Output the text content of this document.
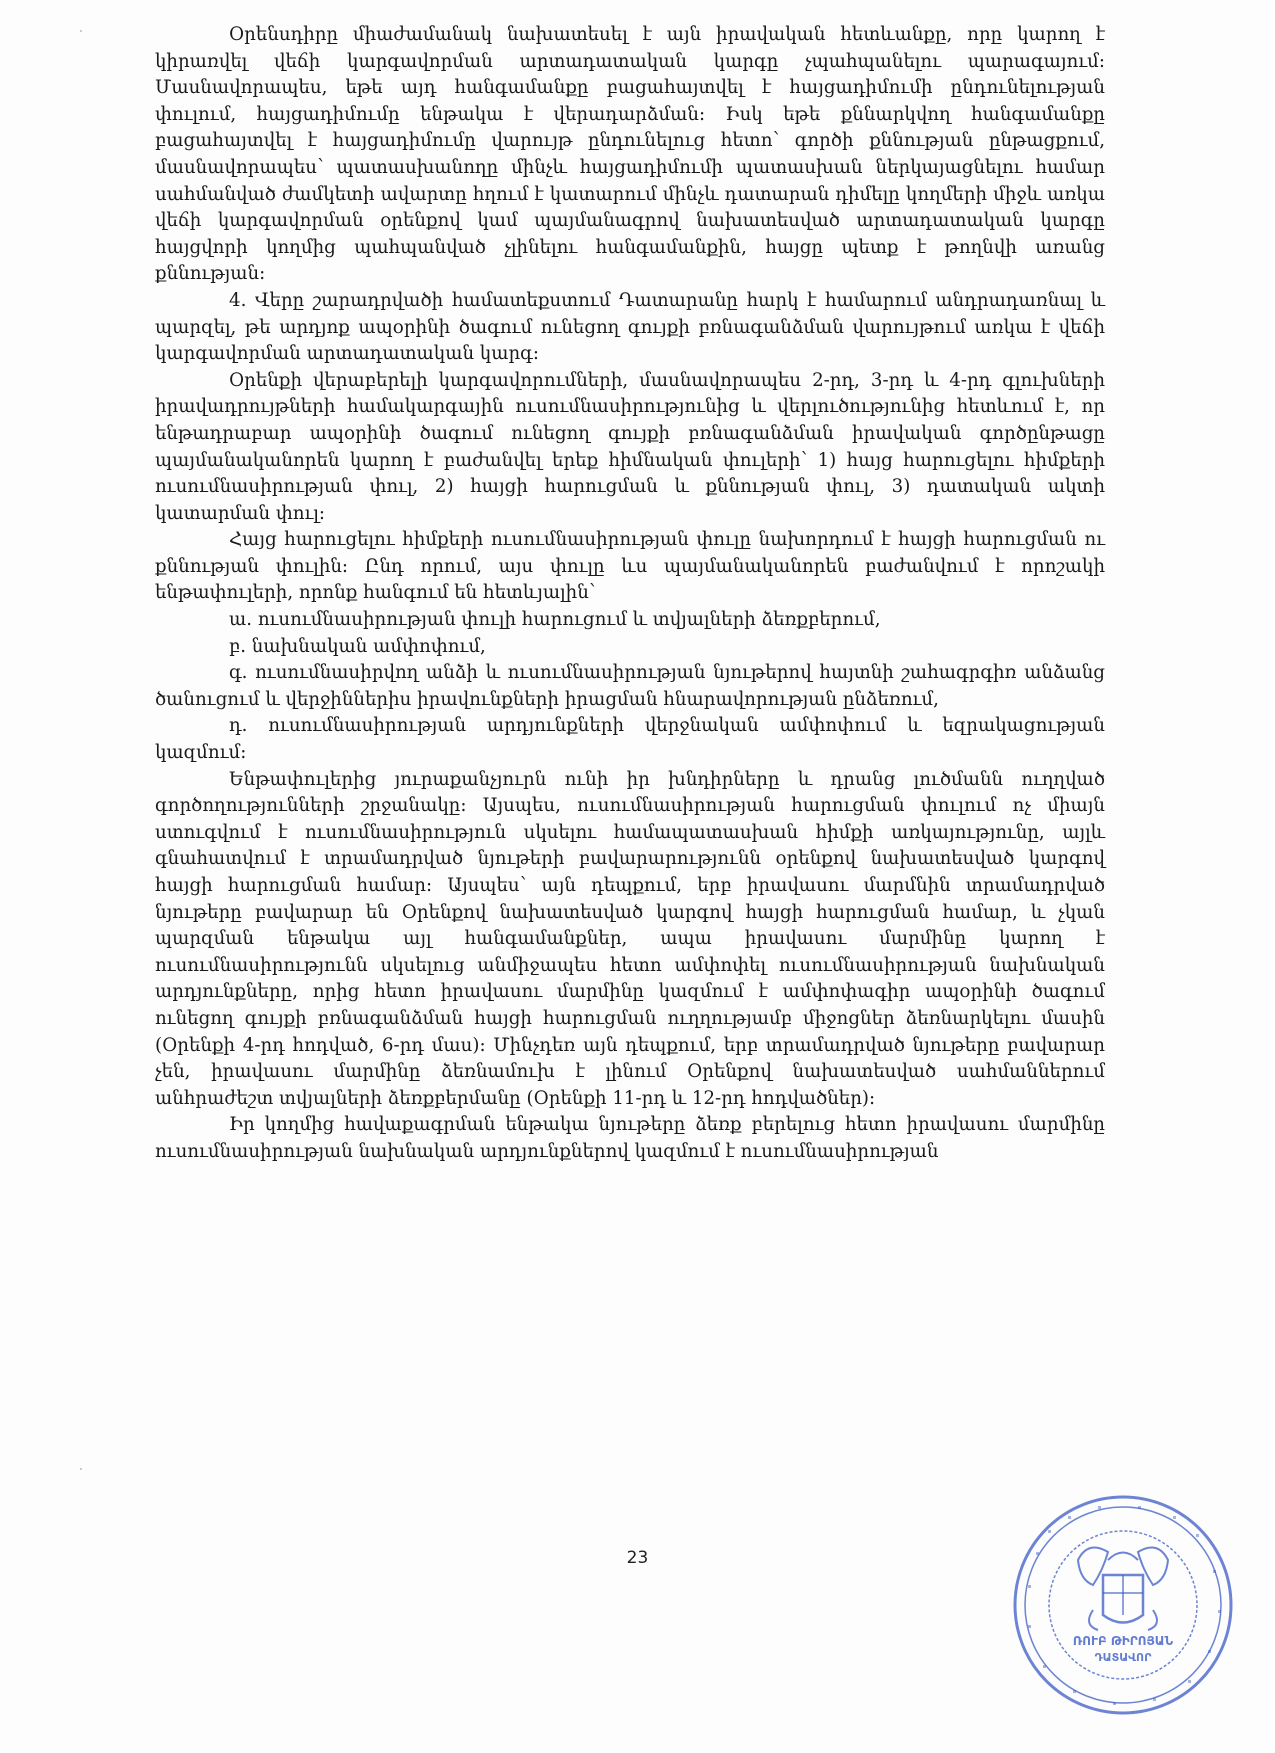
Օրենսդիրը միաժամանակ նախատեսել է այն իրավական հետևանքը, որը կարող է կիրառվել վեճի կարգավորման արտադատական կարգը չպահպանելու պարագայում: Մասնավորապես, եթե այդ հանգամանքը բացահայտվել է հայցադիմումի ընդունելության փուլում, հայցադիմումը ենթակա է վերադարձման: Իսկ եթե քննարկվող հանգամանքը բացահայտվել է հայցադիմումը վարույթ ընդունելուց հետո՝ գործի քննության ընթացքում, մասնավորապես՝ պատասխանողը մինչև հայցադիմումի պատասխան ներկայացնելու համար սահմանված ժամկետի ավարտը հղում է կատարում մինչև դատարան դիմելը կողմերի միջև առկա վեճի կարգավորման օրենքով կամ պայմանագրով նախատեսված արտադատական կարգը հայցվորի կողմից պահպանված չլինելու հանգամանքին, հայցը պետք է թողնվի առանց քննության:

4. Վերը շարադրվածի համատեքստում Դատարանը հարկ է համարում անդրադառնալ և պարզել, թե արդյոք ապօրինի ծագում ունեցող գույքի բռնագանձման վարույթում առկա է վեճի կարգավորման արտադատական կարգ:

Օրենքի վերաբերելի կարգավորումների, մասնավորապես 2-րդ, 3-րդ և 4-րդ գլուխների իրավադրույթների համակարգային ուսումնասիրությունից և վերլուծությունից հետևում է, որ ենթադրաբար ապօրինի ծագում ունեցող գույքի բռնագանձման իրավական գործընթացը պայմանականորեն կարող է բաժանվել երեք հիմնական փուլերի՝ 1) հայց հարուցելու հիմքերի ուսումնասիրության փուլ, 2) հայցի հարուցման և քննության փուլ, 3) դատական ակտի կատարման փուլ:

Հայց հարուցելու հիմքերի ուսումնասիրության փուլը նախորդում է հայցի հարուցման ու քննության փուլին: Ընդ որում, այս փուլը ևս պայմանականորեն բաժանվում է որոշակի ենթափուլերի, որոնք հանգում են հետևյալին՝

ա. ուսումնասիրության փուլի հարուցում և տվյալների ձեռքբերում,

բ. նախնական ամփոփում,

գ. ուսումնասիրվող անձի և ուսումնասիրության նյութերով հայտնի շահագրգիռ անձանց ծանուցում և վերջիններիս իրավունքների իրացման հնարավորության ընձեռում,

դ. ուսումնասիրության արդյունքների վերջնական ամփոփում և եզրակացության կազմում:

Ենթափուլերից յուրաքանչյուրն ունի իր խնդիրները և դրանց լուծմանն ուղղված գործողությունների շրջանակը: Այսպես, ուսումնասիրության հարուցման փուլում ոչ միայն ստուգվում է ուսումնասիրություն սկսելու համապատասխան հիմքի առկայությունը, այլև գնահատվում է տրամադրված նյութերի բավարարությունն օրենքով նախատեսված կարգով հայցի հարուցման համար: Այսպես՝ այն դեպքում, երբ իրավասու մարմնին տրամադրված նյութերը բավարար են Օրենքով նախատեսված կարգով հայցի հարուցման համար, և չկան պարզման ենթակա այլ հանգամանքներ, ապա իրավասու մարմինը կարող է ուսումնասիրությունն սկսելուց անմիջապես հետո ամփոփել ուսումնասիրության նախնական արդյունքները, որից հետո իրավասու մարմինը կազմում է ամփոփագիր ապօրինի ծագում ունեցող գույքի բռնագանձման հայցի հարուցման ուղղությամբ միջոցներ ձեռնարկելու մասին (Օրենքի 4-րդ հոդված, 6-րդ մաս): Մինչդեռ այն դեպքում, երբ տրամադրված նյութերը բավարար չեն, իրավասու մարմինը ձեռնամուխ է լինում Օրենքով նախատեսված սահմաններում անհրաժեշտ տվյալների ձեռքբերմանը (Օրենքի 11-րդ և 12-րդ հոդվածներ):

Իր կողմից հավաքագրման ենթակա նյութերը ձեռք բերելուց հետո իրավասու մարմինը ուսումնասիրության նախնական արդյունքներով կազմում է ուսումնասիրության

23
ՌՈՒԲ ԹԻՐՈՅԱՆ
ԴԱՏԱՎՈՐ
